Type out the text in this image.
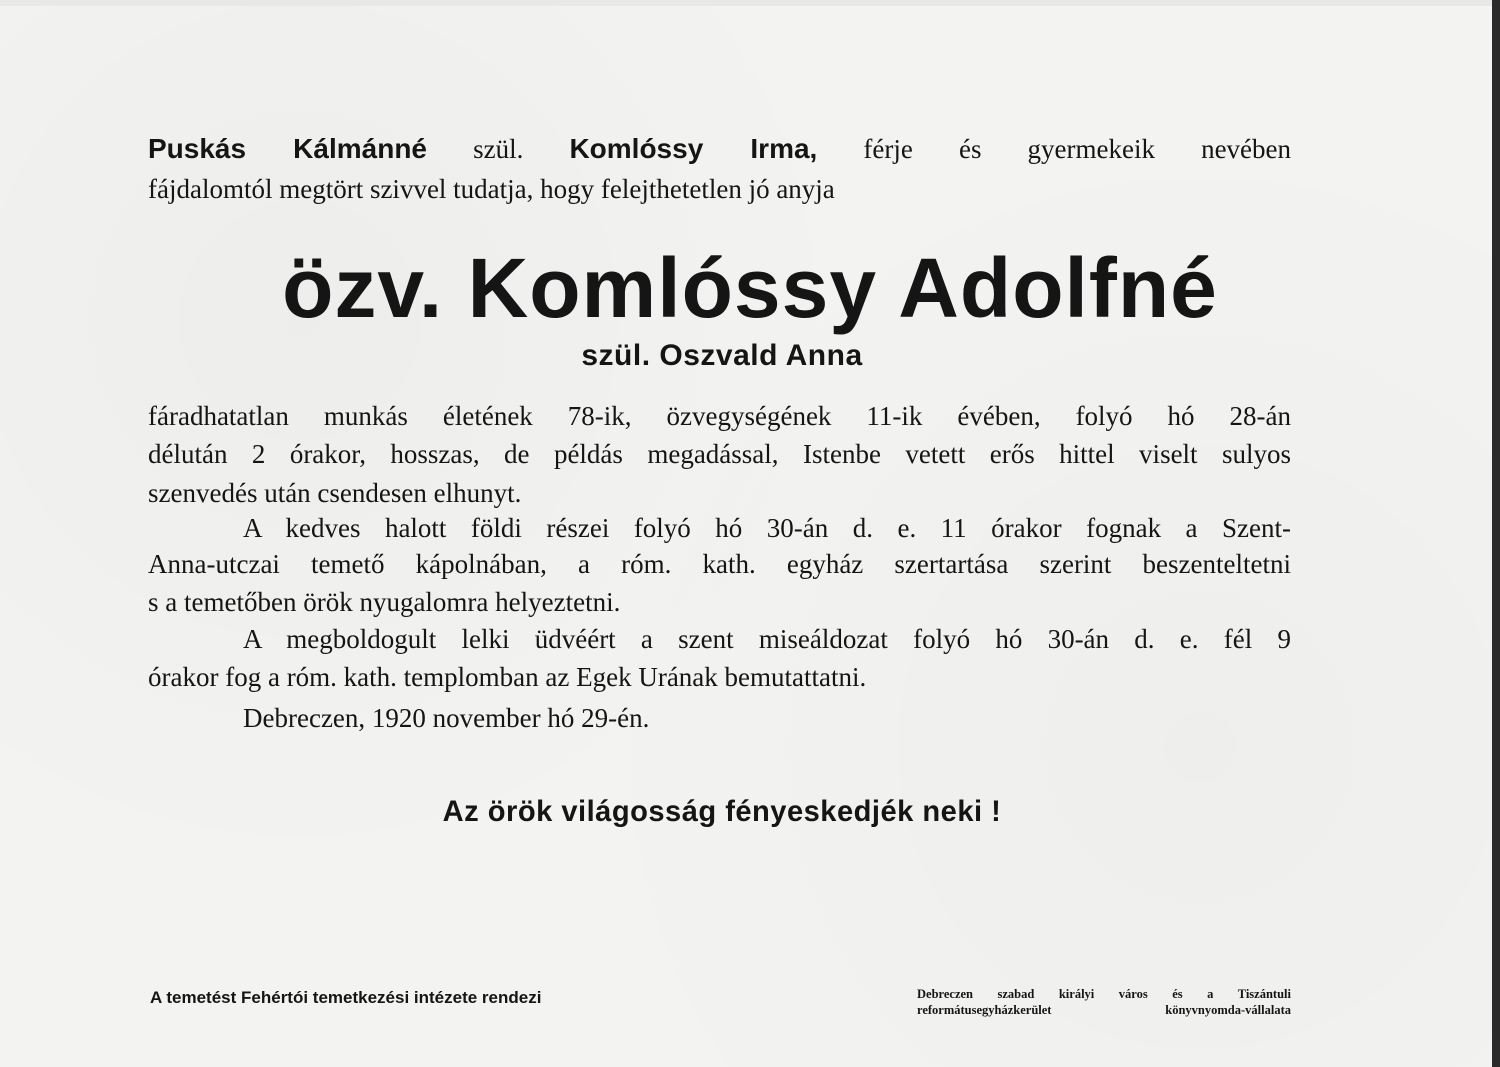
Puskás Kálmánné szül. Komlóssy Irma, férje és gyermekeik nevében
fájdalomtól megtört szivvel tudatja, hogy felejthetetlen jó anyja
özv. Komlóssy Adolfné
szül. Oszvald Anna
fáradhatatlan munkás életének 78-ik, özvegységének 11-ik évében, folyó hó 28-án
délután 2 órakor, hosszas, de példás megadással, Istenbe vetett erős hittel viselt sulyos
szenvedés után csendesen elhunyt.
A kedves halott földi részei folyó hó 30-án d. e. 11 órakor fognak a Szent-
Anna-utczai temető kápolnában, a róm. kath. egyház szertartása szerint beszenteltetni
s a temetőben örök nyugalomra helyeztetni.
A megboldogult lelki üdvéért a szent miseáldozat folyó hó 30-án d. e. fél 9
órakor fog a róm. kath. templomban az Egek Urának bemutattatni.
Debreczen, 1920 november hó 29-én.
Az örök világosság fényeskedjék neki !
A temetést Fehértói temetkezési intézete rendezi	Debreczen szabad királyi város és a Tiszántuli
reformátusegyházkerület könyvnyomda-vállalata
